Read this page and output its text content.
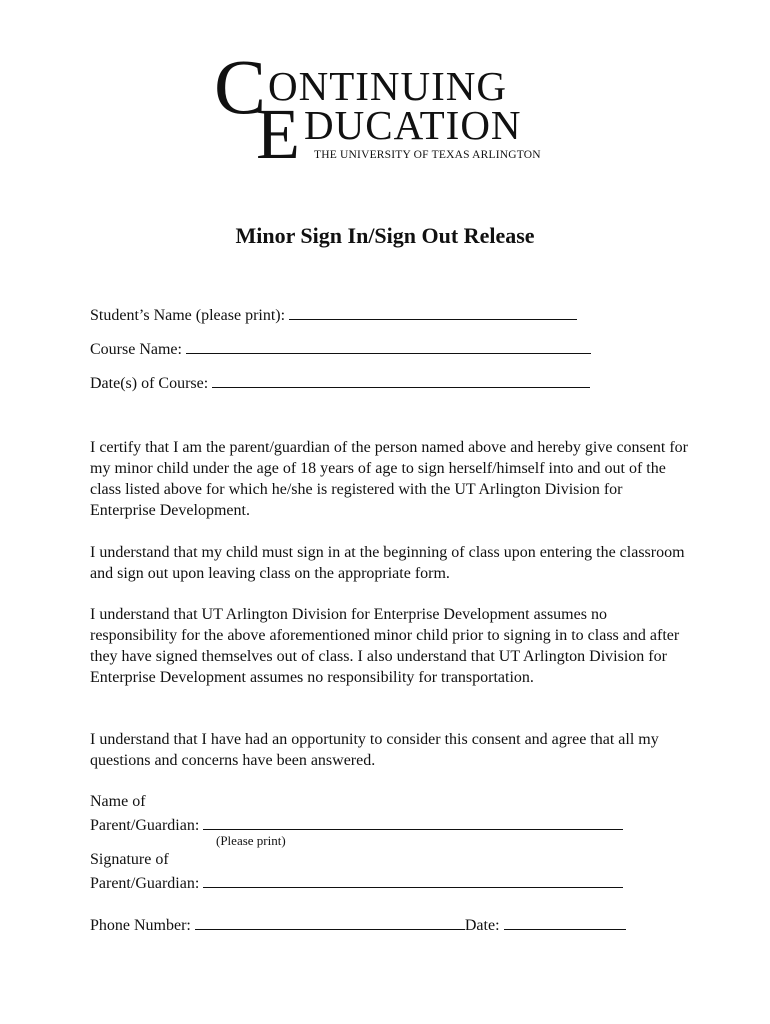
C ONTINUING
E DUCATION
THE UNIVERSITY OF TEXAS ARLINGTON
Minor Sign In/Sign Out Release
Student’s Name (please print):
Course Name:
Date(s) of Course:

I certify that I am the parent/guardian of the person named above and hereby give consent for my minor child under the age of 18 years of age to sign herself/himself into and out of the class listed above for which he/she is registered with the UT Arlington Division for Enterprise Development.

I understand that my child must sign in at the beginning of class upon entering the classroom and sign out upon leaving class on the appropriate form.

I understand that UT Arlington Division for Enterprise Development assumes no responsibility for the above aforementioned minor child prior to signing in to class and after they have signed themselves out of class. I also understand that UT Arlington Division for Enterprise Development assumes no responsibility for transportation.

I understand that I have had an opportunity to consider this consent and agree that all my questions and concerns have been answered.

Name of
Parent/Guardian:
(Please print)
Signature of
Parent/Guardian:
Phone Number:	Date:
